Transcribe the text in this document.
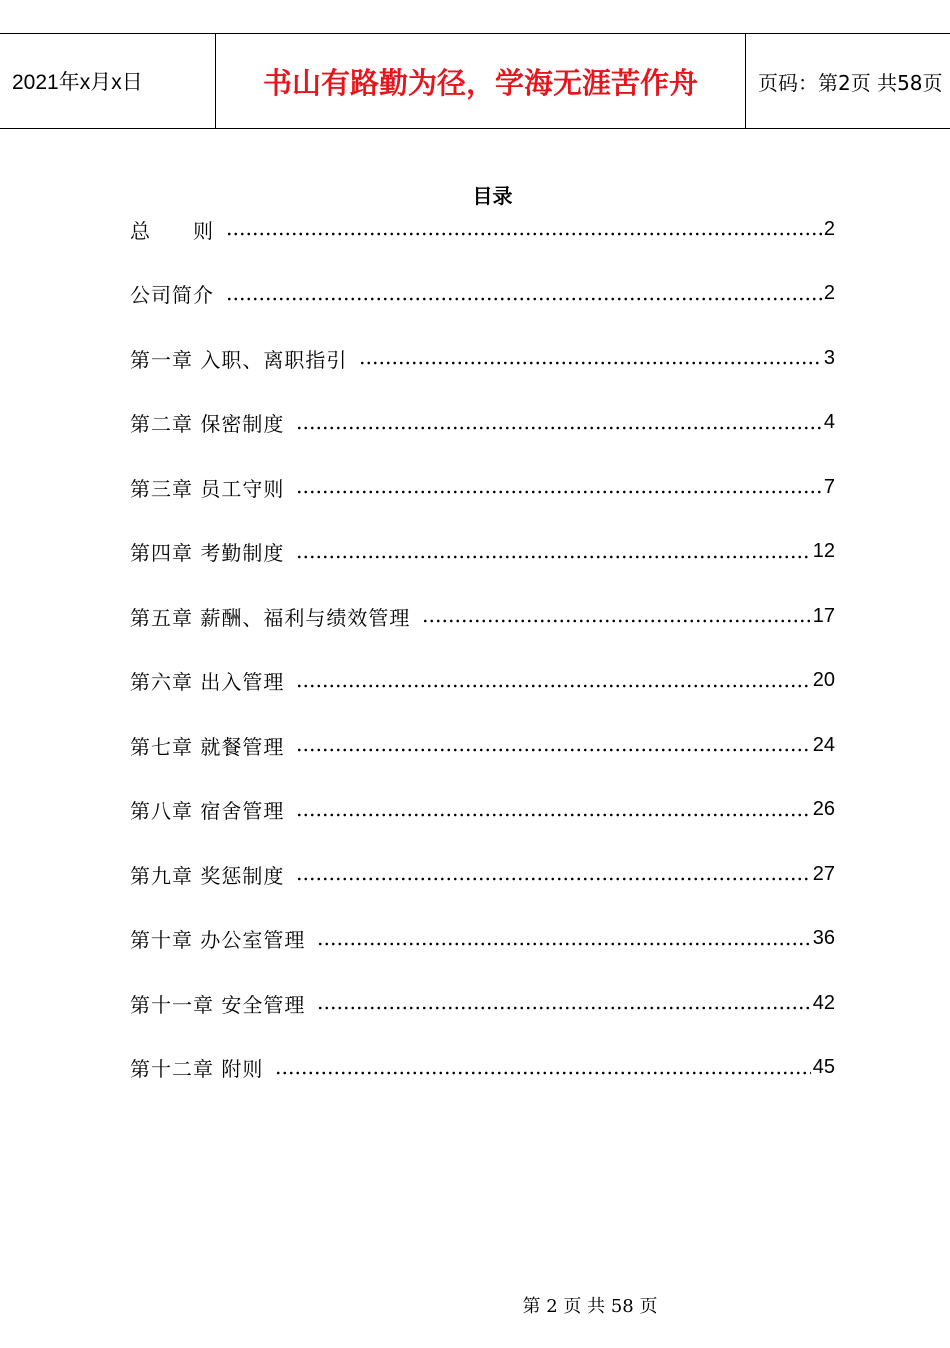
2021年x月x日	书山有路勤为径，学海无涯苦作舟	页码：第2页 共58页
目录
总　　则	2
公司简介	2
第一章 入职、离职指引	3
第二章 保密制度	4
第三章 员工守则	7
第四章 考勤制度	12
第五章 薪酬、福利与绩效管理	17
第六章 出入管理	20
第七章 就餐管理	24
第八章 宿舍管理	26
第九章 奖惩制度	27
第十章 办公室管理	36
第十一章 安全管理	42
第十二章 附则	45
第 2 页 共 58 页
